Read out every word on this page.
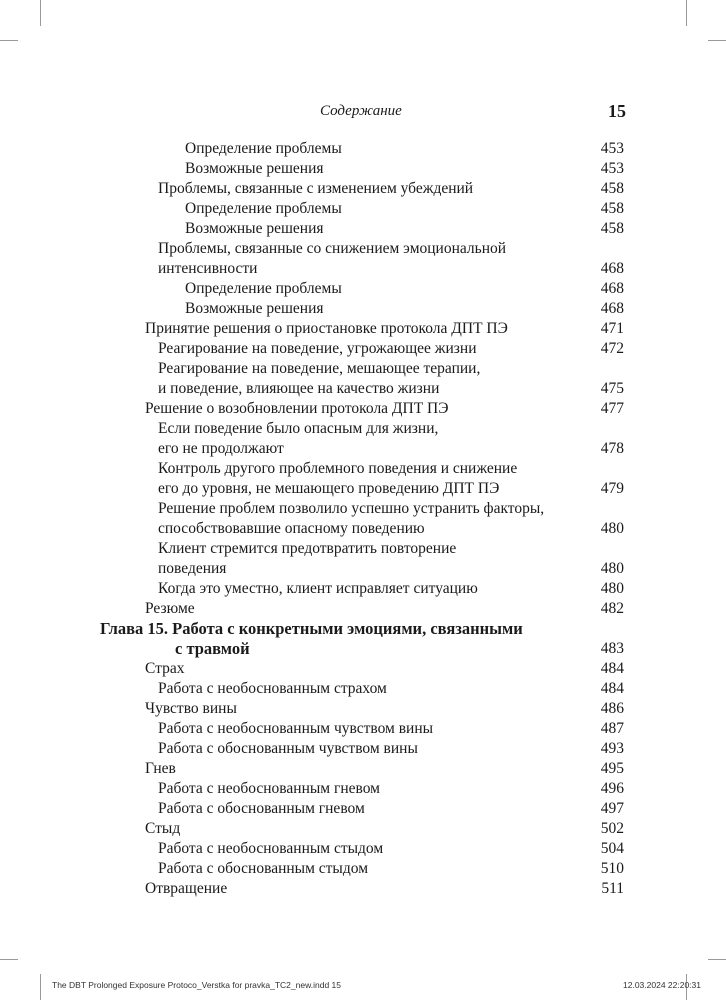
Содержание	15
Определение проблемы	453
Возможные решения	453
Проблемы, связанные с изменением убеждений	458
Определение проблемы	458
Возможные решения	458
Проблемы, связанные со снижением эмоциональной
интенсивности	468
Определение проблемы	468
Возможные решения	468
Принятие решения о приостановке протокола ДПТ ПЭ	471
Реагирование на поведение, угрожающее жизни	472
Реагирование на поведение, мешающее терапии,
и поведение, влияющее на качество жизни	475
Решение о возобновлении протокола ДПТ ПЭ	477
Если поведение было опасным для жизни,
его не продолжают	478
Контроль другого проблемного поведения и снижение
его до уровня, не мешающего проведению ДПТ ПЭ	479
Решение проблем позволило успешно устранить факторы,
способствовавшие опасному поведению	480
Клиент стремится предотвратить повторение
поведения	480
Когда это уместно, клиент исправляет ситуацию	480
Резюме	482
Глава 15. Работа с конкретными эмоциями, связанными
с травмой	483
Страх	484
Работа с необоснованным страхом	484
Чувство вины	486
Работа с необоснованным чувством вины	487
Работа с обоснованным чувством вины	493
Гнев	495
Работа с необоснованным гневом	496
Работа с обоснованным гневом	497
Стыд	502
Работа с необоснованным стыдом	504
Работа с обоснованным стыдом	510
Отвращение	511
The DBT Prolonged Exposure Protoco_Verstka for pravka_TC2_new.indd 15	12.03.2024 22:20:31
